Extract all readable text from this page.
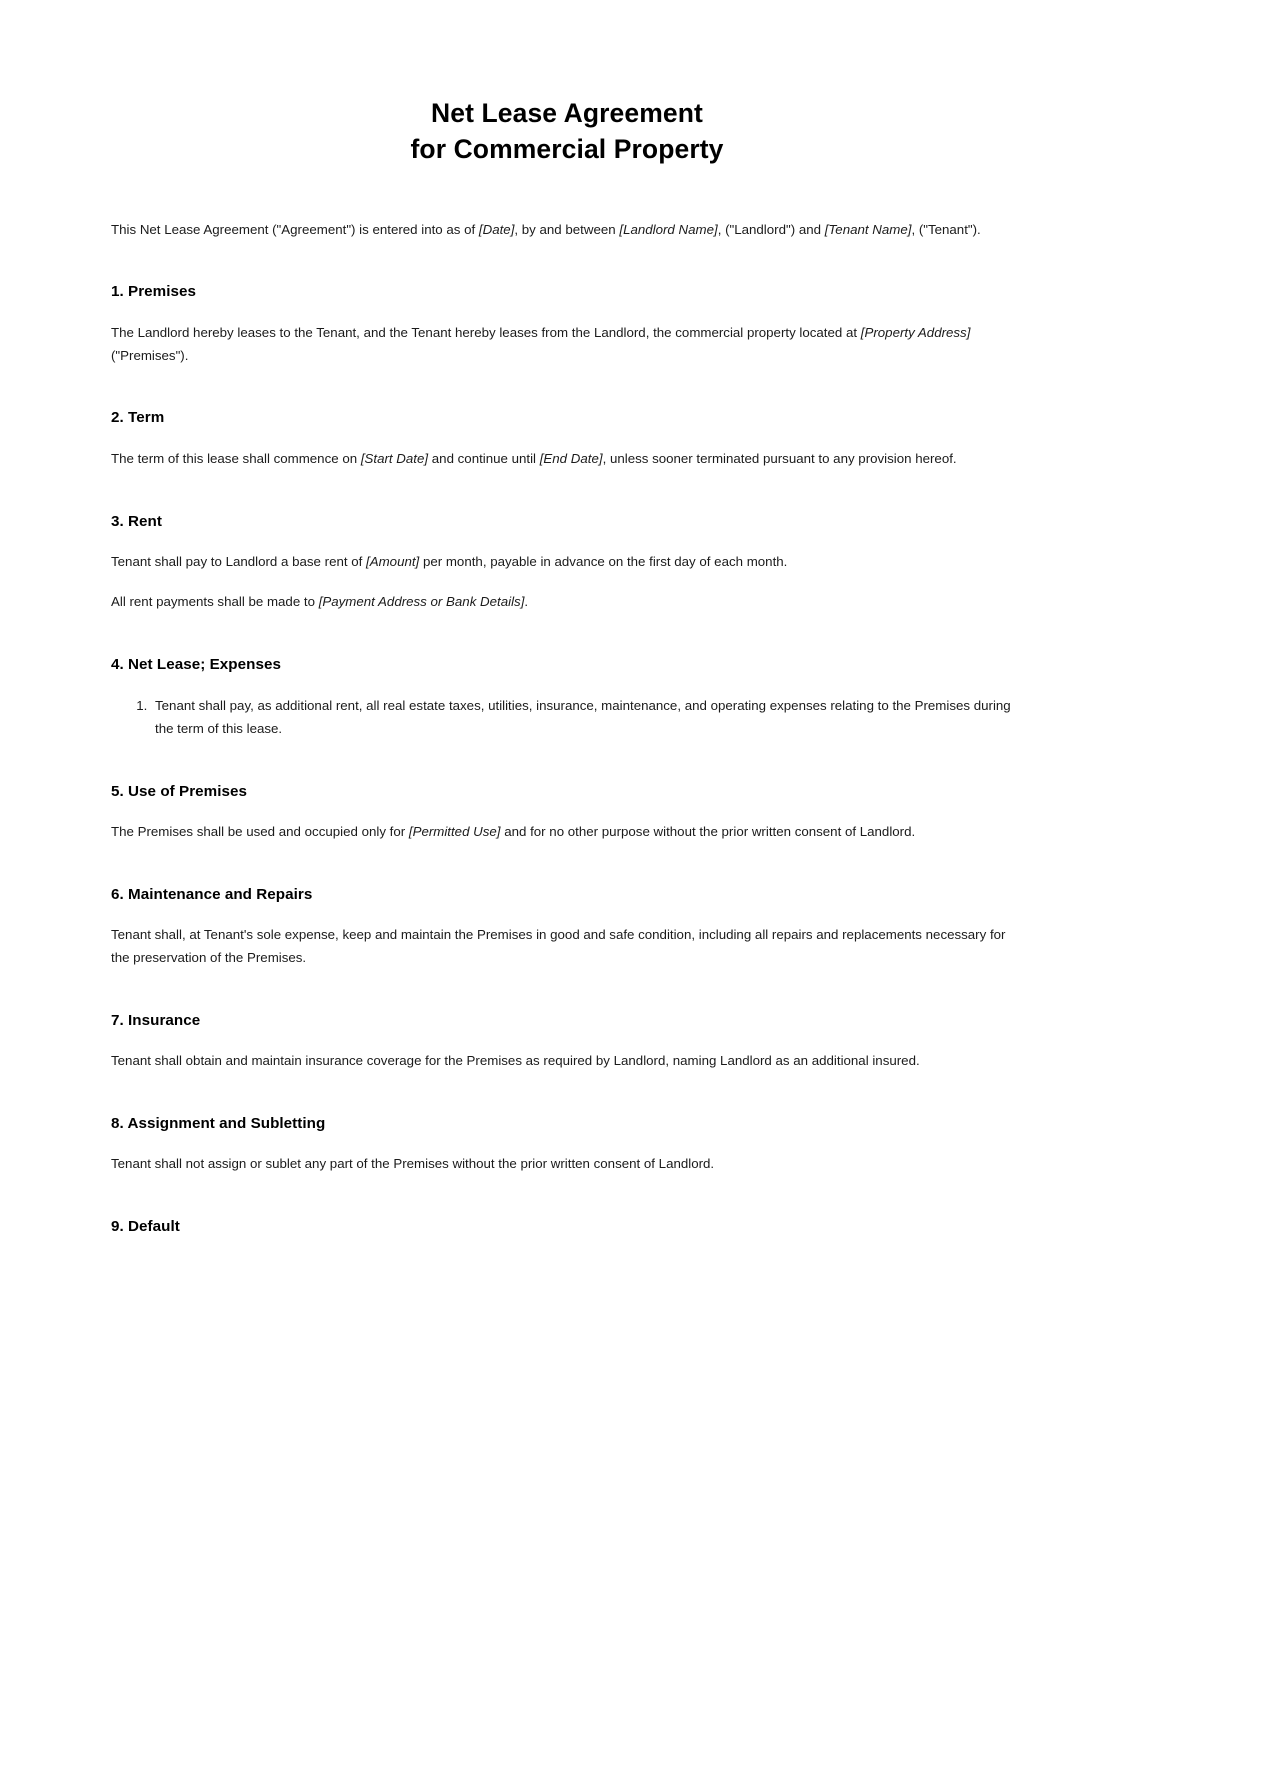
Net Lease Agreement
for Commercial Property

This Net Lease Agreement ("Agreement") is entered into as of [Date], by and between [Landlord Name], ("Landlord") and [Tenant Name], ("Tenant").

1. Premises

The Landlord hereby leases to the Tenant, and the Tenant hereby leases from the Landlord, the commercial property located at [Property Address] ("Premises").

2. Term

The term of this lease shall commence on [Start Date] and continue until [End Date], unless sooner terminated pursuant to any provision hereof.

3. Rent

Tenant shall pay to Landlord a base rent of [Amount] per month, payable in advance on the first day of each month.

All rent payments shall be made to [Payment Address or Bank Details].

4. Net Lease; Expenses
1. Tenant shall pay, as additional rent, all real estate taxes, utilities, insurance, maintenance, and operating expenses relating to the Premises during the term of this lease.
5. Use of Premises

The Premises shall be used and occupied only for [Permitted Use] and for no other purpose without the prior written consent of Landlord.

6. Maintenance and Repairs

Tenant shall, at Tenant's sole expense, keep and maintain the Premises in good and safe condition, including all repairs and replacements necessary for the preservation of the Premises.

7. Insurance

Tenant shall obtain and maintain insurance coverage for the Premises as required by Landlord, naming Landlord as an additional insured.

8. Assignment and Subletting

Tenant shall not assign or sublet any part of the Premises without the prior written consent of Landlord.

9. Default
